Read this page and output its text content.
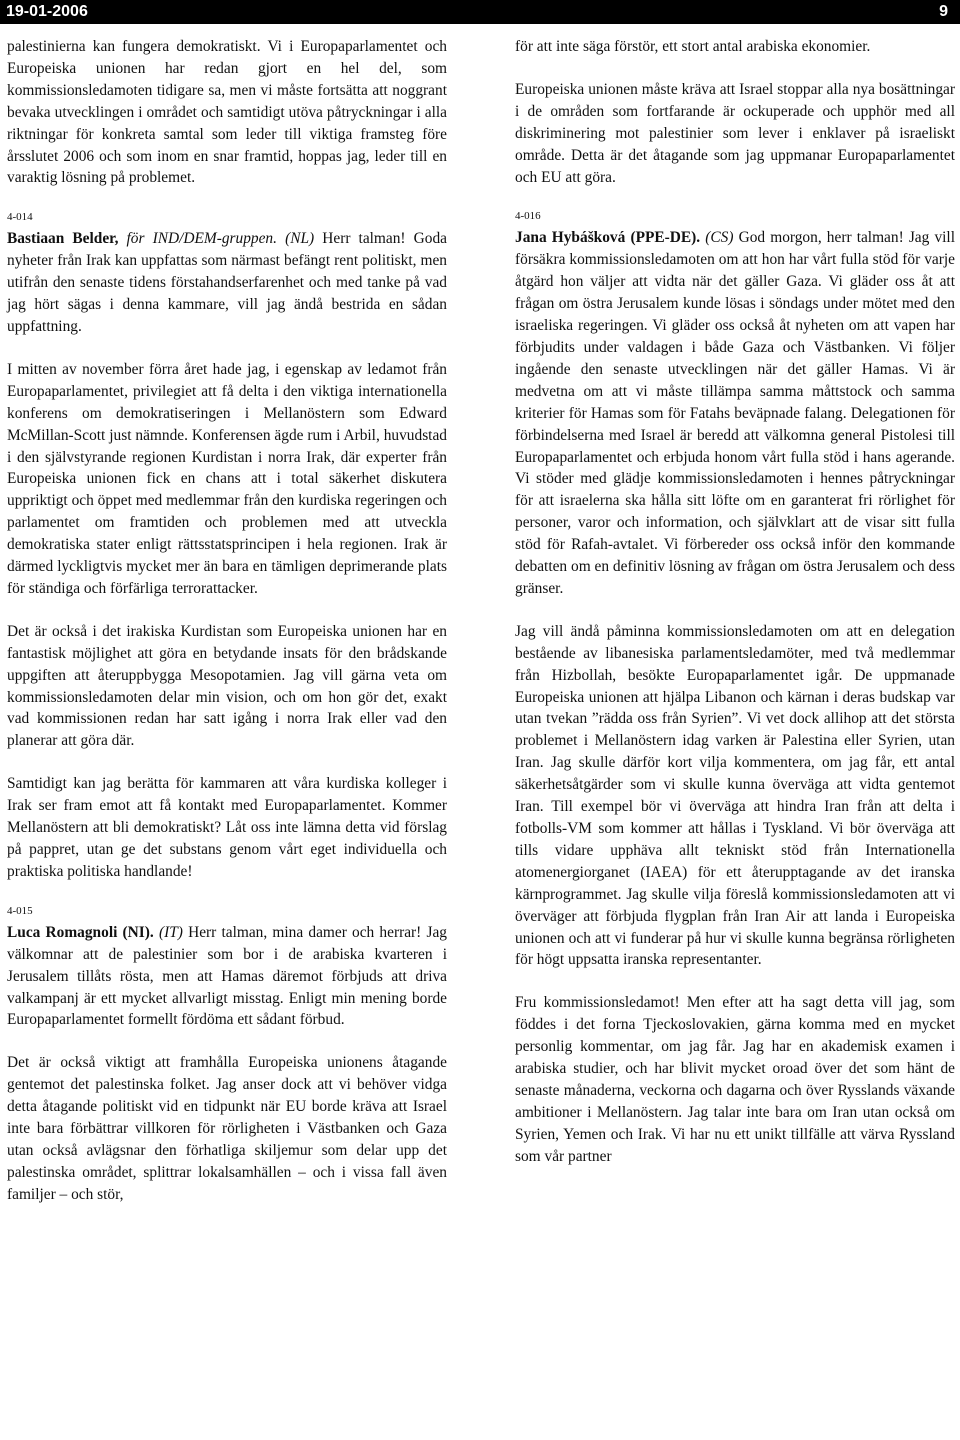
19-01-2006	9

palestinierna kan fungera demokratiskt. Vi i Europaparlamentet och Europeiska unionen har redan gjort en hel del, som kommissionsledamoten tidigare sa, men vi måste fortsätta att noggrant bevaka utvecklingen i området och samtidigt utöva påtryckningar i alla riktningar för konkreta samtal som leder till viktiga framsteg före årsslutet 2006 och som inom en snar framtid, hoppas jag, leder till en varaktig lösning på problemet.

4-014

Bastiaan Belder, för IND/DEM-gruppen. (NL) Herr talman! Goda nyheter från Irak kan uppfattas som närmast befängt rent politiskt, men utifrån den senaste tidens förstahandserfarenhet och med tanke på vad jag hört sägas i denna kammare, vill jag ändå bestrida en sådan uppfattning.

I mitten av november förra året hade jag, i egenskap av ledamot från Europaparlamentet, privilegiet att få delta i den viktiga internationella konferens om demokratiseringen i Mellanöstern som Edward McMillan-Scott just nämnde. Konferensen ägde rum i Arbil, huvudstad i den självstyrande regionen Kurdistan i norra Irak, där experter från Europeiska unionen fick en chans att i total säkerhet diskutera uppriktigt och öppet med medlemmar från den kurdiska regeringen och parlamentet om framtiden och problemen med att utveckla demokratiska stater enligt rättsstatsprincipen i hela regionen. Irak är därmed lyckligtvis mycket mer än bara en tämligen deprimerande plats för ständiga och förfärliga terrorattacker.

Det är också i det irakiska Kurdistan som Europeiska unionen har en fantastisk möjlighet att göra en betydande insats för den brådskande uppgiften att återuppbygga Mesopotamien. Jag vill gärna veta om kommissionsledamoten delar min vision, och om hon gör det, exakt vad kommissionen redan har satt igång i norra Irak eller vad den planerar att göra där.

Samtidigt kan jag berätta för kammaren att våra kurdiska kolleger i Irak ser fram emot att få kontakt med Europaparlamentet. Kommer Mellanöstern att bli demokratiskt? Låt oss inte lämna detta vid förslag på pappret, utan ge det substans genom vårt eget individuella och praktiska politiska handlande!

4-015

Luca Romagnoli (NI). (IT) Herr talman, mina damer och herrar! Jag välkomnar att de palestinier som bor i de arabiska kvarteren i Jerusalem tillåts rösta, men att Hamas däremot förbjuds att driva valkampanj är ett mycket allvarligt misstag. Enligt min mening borde Europaparlamentet formellt fördöma ett sådant förbud.

Det är också viktigt att framhålla Europeiska unionens åtagande gentemot det palestinska folket. Jag anser dock att vi behöver vidga detta åtagande politiskt vid en tidpunkt när EU borde kräva att Israel inte bara förbättrar villkoren för rörligheten i Västbanken och Gaza utan också avlägsnar den förhatliga skiljemur som delar upp det palestinska området, splittrar lokalsamhällen – och i vissa fall även familjer – och stör,

för att inte säga förstör, ett stort antal arabiska ekonomier.

Europeiska unionen måste kräva att Israel stoppar alla nya bosättningar i de områden som fortfarande är ockuperade och upphör med all diskriminering mot palestinier som lever i enklaver på israeliskt område. Detta är det åtagande som jag uppmanar Europaparlamentet och EU att göra.

4-016

Jana Hybášková (PPE-DE). (CS) God morgon, herr talman! Jag vill försäkra kommissionsledamoten om att hon har vårt fulla stöd för varje åtgärd hon väljer att vidta när det gäller Gaza. Vi gläder oss åt att frågan om östra Jerusalem kunde lösas i söndags under mötet med den israeliska regeringen. Vi gläder oss också åt nyheten om att vapen har förbjudits under valdagen i både Gaza och Västbanken. Vi följer ingående den senaste utvecklingen när det gäller Hamas. Vi är medvetna om att vi måste tillämpa samma måttstock och samma kriterier för Hamas som för Fatahs beväpnade falang. Delegationen för förbindelserna med Israel är beredd att välkomna general Pistolesi till Europaparlamentet och erbjuda honom vårt fulla stöd i hans agerande. Vi stöder med glädje kommissionsledamoten i hennes påtryckningar för att israelerna ska hålla sitt löfte om en garanterat fri rörlighet för personer, varor och information, och självklart att de visar sitt fulla stöd för Rafah-avtalet. Vi förbereder oss också inför den kommande debatten om en definitiv lösning av frågan om östra Jerusalem och dess gränser.

Jag vill ändå påminna kommissionsledamoten om att en delegation bestående av libanesiska parlamentsledamöter, med två medlemmar från Hizbollah, besökte Europaparlamentet igår. De uppmanade Europeiska unionen att hjälpa Libanon och kärnan i deras budskap var utan tvekan ”rädda oss från Syrien”. Vi vet dock allihop att det största problemet i Mellanöstern idag varken är Palestina eller Syrien, utan Iran. Jag skulle därför kort vilja kommentera, om jag får, ett antal säkerhetsåtgärder som vi skulle kunna överväga att vidta gentemot Iran. Till exempel bör vi överväga att hindra Iran från att delta i fotbolls-VM som kommer att hållas i Tyskland. Vi bör överväga att tills vidare upphäva allt tekniskt stöd från Internationella atomenergiorganet (IAEA) för ett återupptagande av det iranska kärnprogrammet. Jag skulle vilja föreslå kommissionsledamoten att vi överväger att förbjuda flygplan från Iran Air att landa i Europeiska unionen och att vi funderar på hur vi skulle kunna begränsa rörligheten för högt uppsatta iranska representanter.

Fru kommissionsledamot! Men efter att ha sagt detta vill jag, som föddes i det forna Tjeckoslovakien, gärna komma med en mycket personlig kommentar, om jag får. Jag har en akademisk examen i arabiska studier, och har blivit mycket oroad över det som hänt de senaste månaderna, veckorna och dagarna och över Rysslands växande ambitioner i Mellanöstern. Jag talar inte bara om Iran utan också om Syrien, Yemen och Irak. Vi har nu ett unikt tillfälle att värva Ryssland som vår partner
